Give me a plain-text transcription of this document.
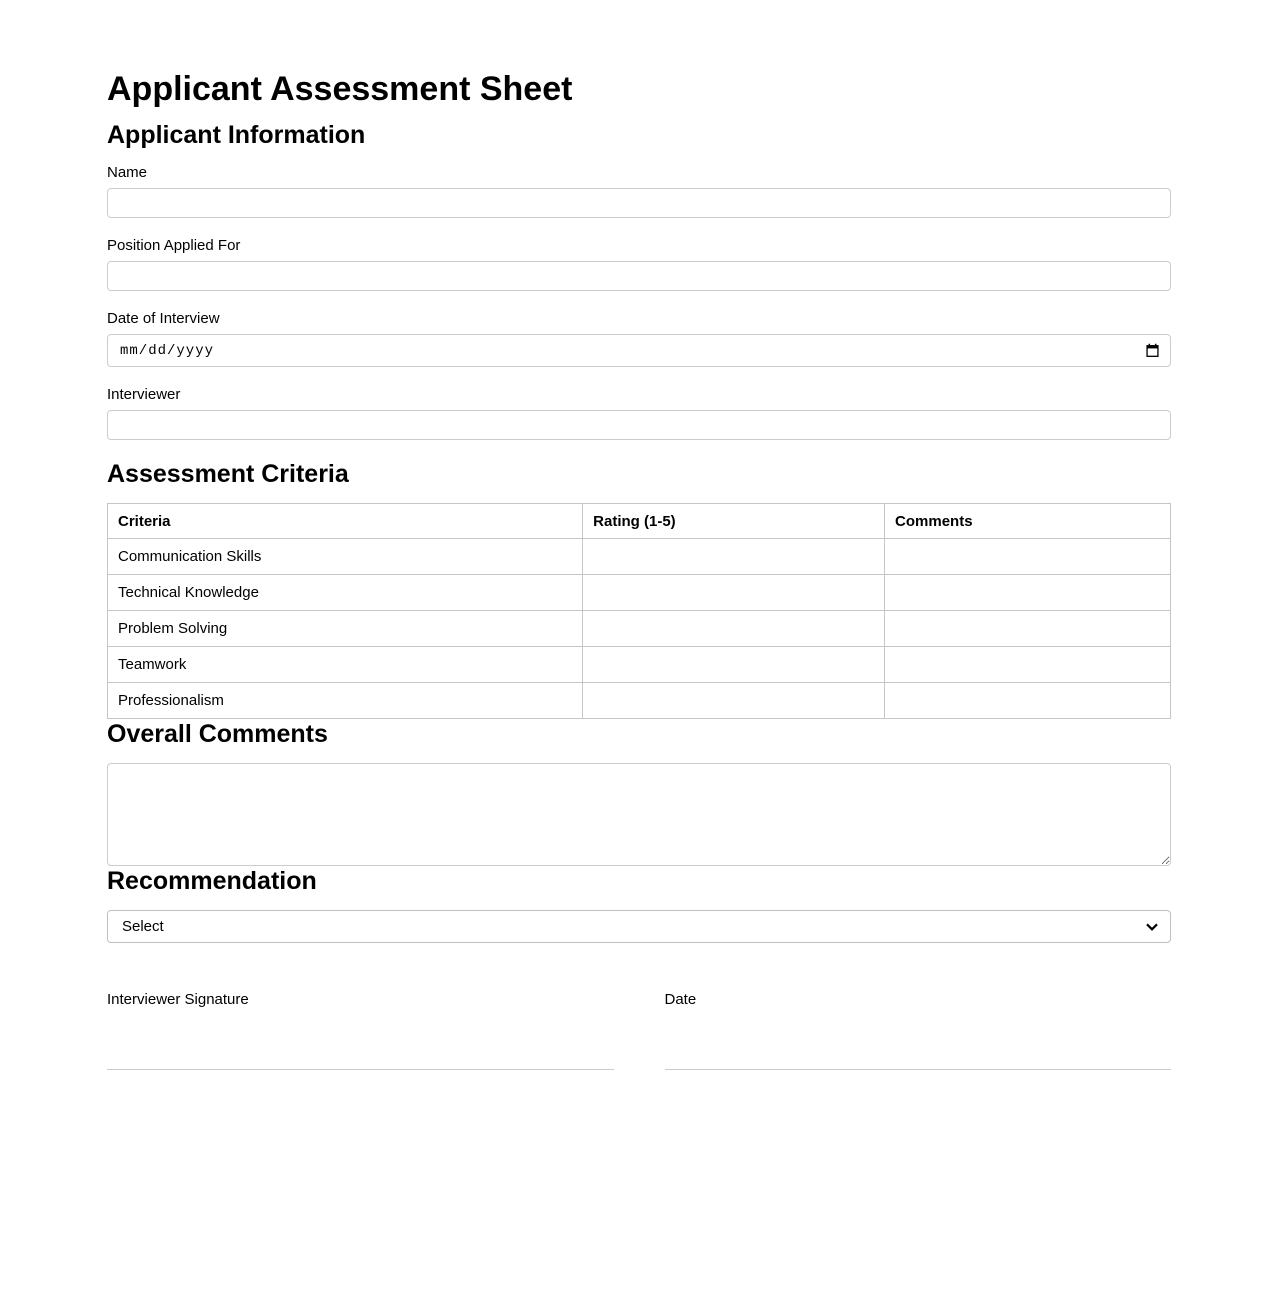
Applicant Assessment Sheet
Applicant Information
Name
Position Applied For
Date of Interview
mm/dd/yyyy
Interviewer
Assessment Criteria
Criteria	Rating (1-5)	Comments
Communication Skills		
Technical Knowledge		
Problem Solving		
Teamwork		
Professionalism		
Overall Comments
Recommendation
Select
Interviewer Signature	Date
